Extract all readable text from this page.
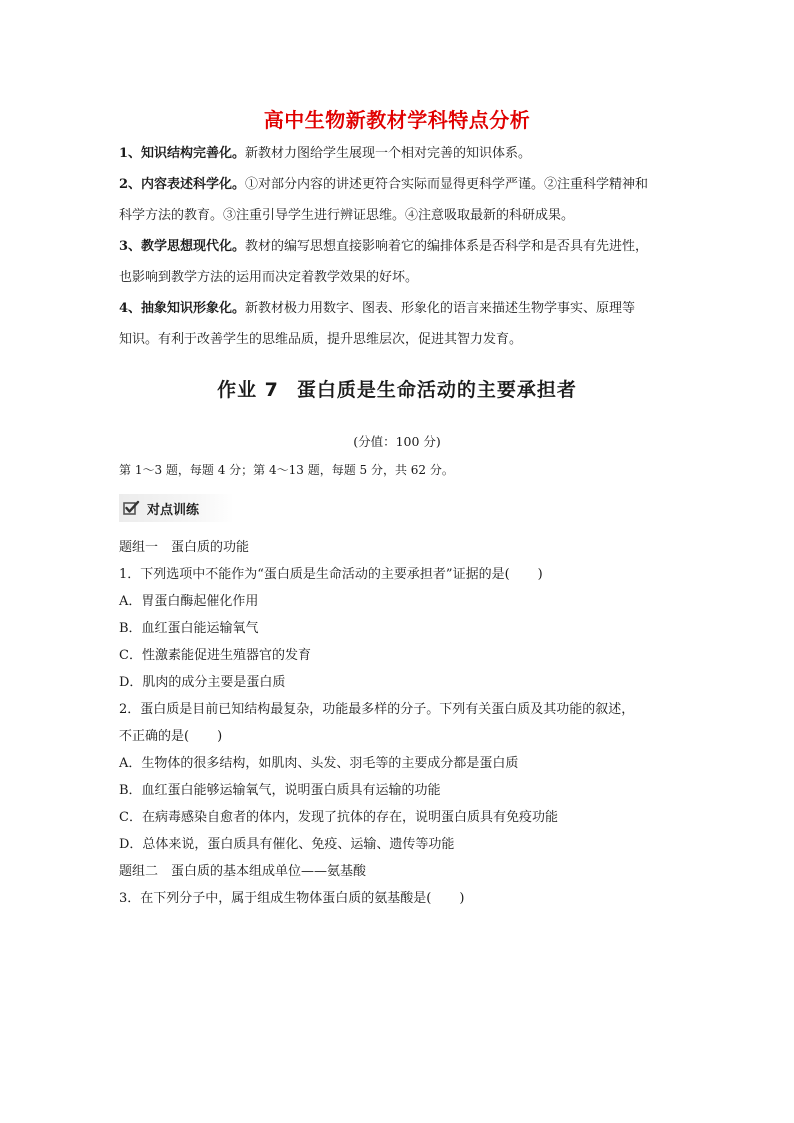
高中生物新教材学科特点分析

1、知识结构完善化。新教材力图给学生展现一个相对完善的知识体系。

2、内容表述科学化。①对部分内容的讲述更符合实际而显得更科学严谨。②注重科学精神和
科学方法的教育。③注重引导学生进行辨证思维。④注意吸取最新的科研成果。

3、教学思想现代化。教材的编写思想直接影响着它的编排体系是否科学和是否具有先进性，
也影响到教学方法的运用而决定着教学效果的好坏。

4、抽象知识形象化。新教材极力用数字、图表、形象化的语言来描述生物学事实、原理等
知识。有利于改善学生的思维品质，提升思维层次，促进其智力发育。

作业 7 蛋白质是生命活动的主要承担者
(分值：100 分)
第 1～3 题，每题 4 分；第 4～13 题，每题 5 分，共 62 分。
对点训练
题组一　蛋白质的功能
1．下列选项中不能作为“蛋白质是生命活动的主要承担者”证据的是( )
A．胃蛋白酶起催化作用
B．血红蛋白能运输氧气
C．性激素能促进生殖器官的发育
D．肌肉的成分主要是蛋白质
2．蛋白质是目前已知结构最复杂，功能最多样的分子。下列有关蛋白质及其功能的叙述，
不正确的是( )
A．生物体的很多结构，如肌肉、头发、羽毛等的主要成分都是蛋白质
B．血红蛋白能够运输氧气，说明蛋白质具有运输的功能
C．在病毒感染自愈者的体内，发现了抗体的存在，说明蛋白质具有免疫功能
D．总体来说，蛋白质具有催化、免疫、运输、遗传等功能
题组二　蛋白质的基本组成单位——氨基酸
3．在下列分子中，属于组成生物体蛋白质的氨基酸是( )
